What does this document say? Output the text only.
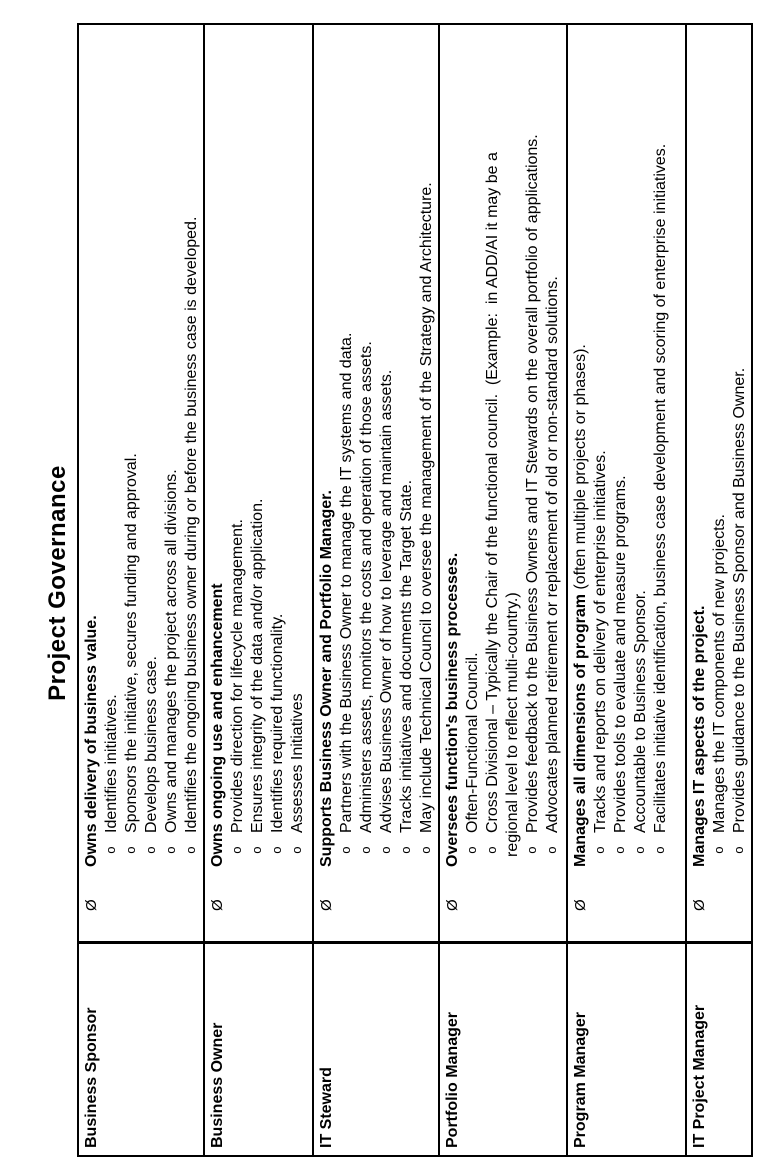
Project Governance
Business Sponsor
Ø
Owns delivery of business value. o
Identifies initiatives.
o
Sponsors the initiative, secures funding and approval.
o
Develops business case.
o
Owns and manages the project across all divisions.
o
Identifies the ongoing business owner during or before the business case is developed.
Business Owner
Ø
Owns ongoing use and enhancement o
Provides direction for lifecycle management.
o
Ensures integrity of the data and/or application.
o
Identifies required functionality.
o
Assesses Initiatives
IT Steward
Ø
Supports Business Owner and Portfolio Manager. o
Partners with the Business Owner to manage the IT systems and data.
o
Administers assets, monitors the costs and operation of those assets.
o
Advises Business Owner of how to leverage and maintain assets.
o
Tracks initiatives and documents the Target State.
o
May include Technical Council to oversee the management of the Strategy and Architecture.
Portfolio Manager
Ø
Oversees function's business processes. o
Often-Functional Council.
o
Cross Divisional – Typically the Chair of the functional council.  (Example:  in ADD/AI it may be a regional level to reflect multi-country.) o
Provides feedback to the Business Owners and IT Stewards on the overall portfolio of applications.
o
Advocates planned retirement or replacement of old or non-standard solutions.
Program Manager
Ø
Manages all dimensions of program (often multiple projects or phases).
o
Tracks and reports on delivery of enterprise initiatives.
o
Provides tools to evaluate and measure programs.
o
Accountable to Business Sponsor.
o
Facilitates initiative identification, business case development and scoring of enterprise initiatives.
IT Project Manager
Ø
Manages IT aspects of the project. o
Manages the IT components of new projects.
o
Provides guidance to the Business Sponsor and Business Owner.
